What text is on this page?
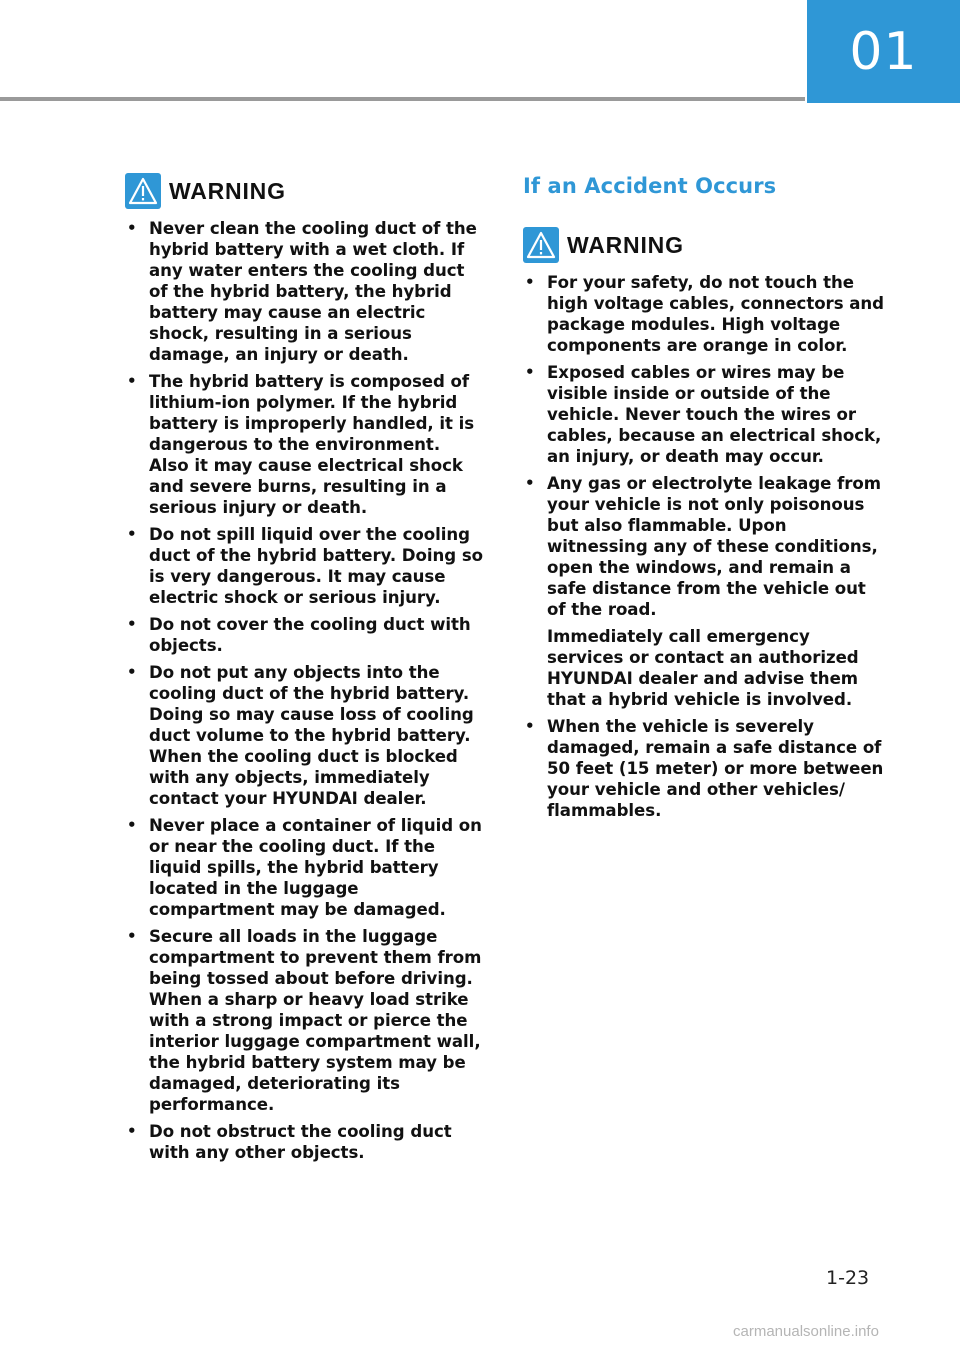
01
WARNING
• Never clean the cooling duct of the hybrid battery with a wet cloth. If any water enters the cooling duct of the hybrid battery, the hybrid battery may cause an electric shock, resulting in a serious damage, an injury or death.
• The hybrid battery is composed of lithium-ion polymer. If the hybrid battery is improperly handled, it is dangerous to the environment. Also it may cause electrical shock and severe burns, resulting in a serious injury or death.
• Do not spill liquid over the cooling duct of the hybrid battery. Doing so is very dangerous. It may cause electric shock or serious injury.
• Do not cover the cooling duct with objects.
• Do not put any objects into the cooling duct of the hybrid battery. Doing so may cause loss of cooling duct volume to the hybrid battery. When the cooling duct is blocked with any objects, immediately contact your HYUNDAI dealer.
• Never place a container of liquid on or near the cooling duct. If the liquid spills, the hybrid battery located in the luggage compartment may be damaged.
• Secure all loads in the luggage compartment to prevent them from being tossed about before driving. When a sharp or heavy load strike with a strong impact or pierce the interior luggage compartment wall, the hybrid battery system may be damaged, deteriorating its performance.
• Do not obstruct the cooling duct with any other objects.
If an Accident Occurs
WARNING
• For your safety, do not touch the high voltage cables, connectors and package modules. High voltage components are orange in color.
• Exposed cables or wires may be visible inside or outside of the vehicle. Never touch the wires or cables, because an electrical shock, an injury, or death may occur.
• Any gas or electrolyte leakage from your vehicle is not only poisonous but also flammable. Upon witnessing any of these conditions, open the windows, and remain a safe distance from the vehicle out of the road.
Immediately call emergency services or contact an authorized HYUNDAI dealer and advise them that a hybrid vehicle is involved.
• When the vehicle is severely damaged, remain a safe distance of 50 feet (15 meter) or more between your vehicle and other vehicles/ flammables.
1-23
carmanualsonline.info
